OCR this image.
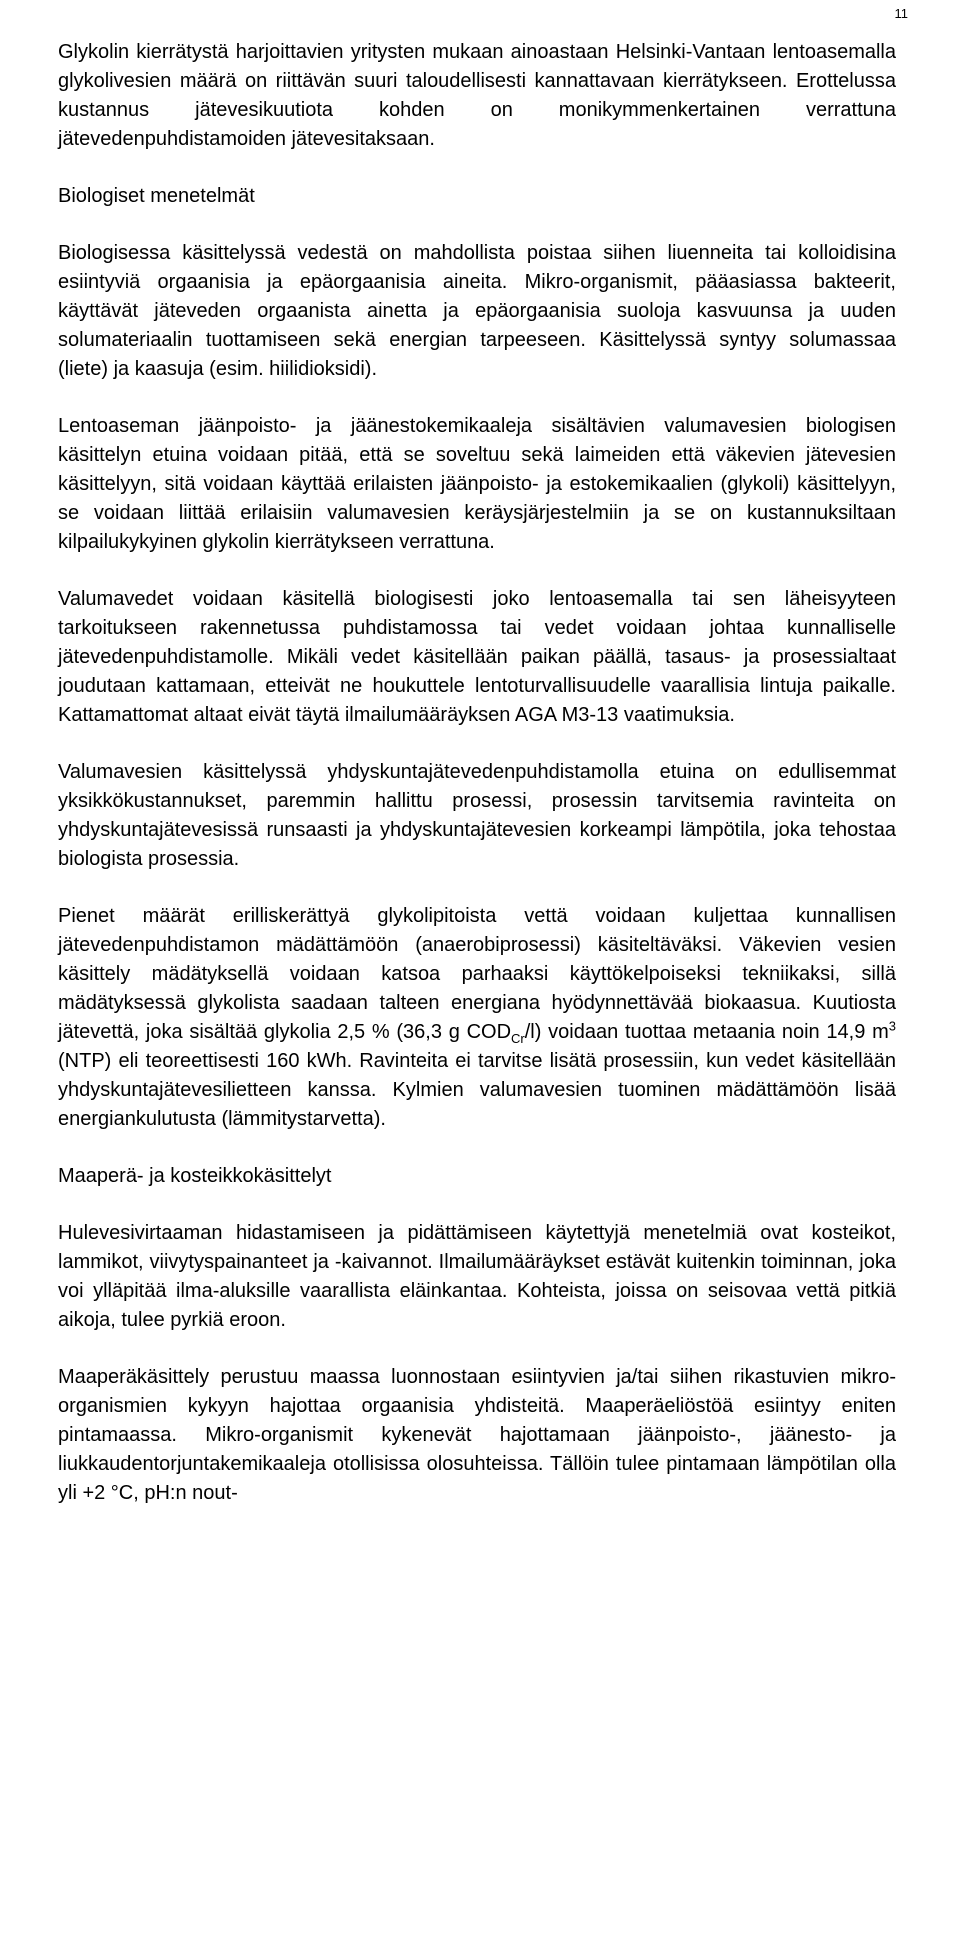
11

Glykolin kierrätystä harjoittavien yritysten mukaan ainoastaan Helsinki-Vantaan lentoasemalla glykolivesien määrä on riittävän suuri taloudellisesti kannattavaan kierrätykseen. Erottelussa kustannus jätevesikuutiota kohden on monikymmenkertainen verrattuna jätevedenpuhdistamoiden jätevesitaksaan.

Biologiset menetelmät

Biologisessa käsittelyssä vedestä on mahdollista poistaa siihen liuenneita tai kolloidisina esiintyviä orgaanisia ja epäorgaanisia aineita. Mikro-organismit, pääasiassa bakteerit, käyttävät jäteveden orgaanista ainetta ja epäorgaanisia suoloja kasvuunsa ja uuden solumateriaalin tuottamiseen sekä energian tarpeeseen. Käsittelyssä syntyy solumassaa (liete) ja kaasuja (esim. hiilidioksidi).

Lentoaseman jäänpoisto- ja jäänestokemikaaleja sisältävien valumavesien biologisen käsittelyn etuina voidaan pitää, että se soveltuu sekä laimeiden että väkevien jätevesien käsittelyyn, sitä voidaan käyttää erilaisten jäänpoisto- ja estokemikaalien (glykoli) käsittelyyn, se voidaan liittää erilaisiin valumavesien keräysjärjestelmiin ja se on kustannuksiltaan kilpailukykyinen glykolin kierrätykseen verrattuna.

Valumavedet voidaan käsitellä biologisesti joko lentoasemalla tai sen läheisyyteen tarkoitukseen rakennetussa puhdistamossa tai vedet voidaan johtaa kunnalliselle jätevedenpuhdistamolle. Mikäli vedet käsitellään paikan päällä, tasaus- ja prosessialtaat joudutaan kattamaan, etteivät ne houkuttele lentoturvallisuudelle vaarallisia lintuja paikalle. Kattamattomat altaat eivät täytä ilmailumääräyksen AGA M3-13 vaatimuksia.

Valumavesien käsittelyssä yhdyskuntajätevedenpuhdistamolla etuina on edullisemmat yksikkökustannukset, paremmin hallittu prosessi, prosessin tarvitsemia ravinteita on yhdyskuntajätevesissä runsaasti ja yhdyskuntajätevesien korkeampi lämpötila, joka tehostaa biologista prosessia.

Pienet määrät erilliskerättyä glykolipitoista vettä voidaan kuljettaa kunnallisen jätevedenpuhdistamon mädättämöön (anaerobiprosessi) käsiteltäväksi. Väkevien vesien käsittely mädätyksellä voidaan katsoa parhaaksi käyttökelpoiseksi tekniikaksi, sillä mädätyksessä glykolista saadaan talteen energiana hyödynnettävää biokaasua. Kuutiosta jätevettä, joka sisältää glykolia 2,5 % (36,3 g $COD_{Cr}/l$) voidaan tuottaa metaania noin 14,9 $m^3$ (NTP) eli teoreettisesti 160 kWh. Ravinteita ei tarvitse lisätä prosessiin, kun vedet käsitellään yhdyskuntajätevesilietteen kanssa. Kylmien valumavesien tuominen mädättämöön lisää energiankulutusta (lämmitystarvetta).

Maaperä- ja kosteikkokäsittelyt

Hulevesivirtaaman hidastamiseen ja pidättämiseen käytettyjä menetelmiä ovat kosteikot, lammikot, viivytyspainanteet ja -kaivannot. Ilmailumääräykset estävät kuitenkin toiminnan, joka voi ylläpitää ilma-aluksille vaarallista eläinkantaa. Kohteista, joissa on seisovaa vettä pitkiä aikoja, tulee pyrkiä eroon.

Maaperäkäsittely perustuu maassa luonnostaan esiintyvien ja/tai siihen rikastuvien mikro-organismien kykyyn hajottaa orgaanisia yhdisteitä. Maaperäeliöstöä esiintyy eniten pintamaassa. Mikro-organismit kykenevät hajottamaan jäänpoisto-, jäänesto- ja liukkaudentorjuntakemikaaleja otollisissa olosuhteissa. Tällöin tulee pintamaan lämpötilan olla yli +2 °C, pH:n nout-
